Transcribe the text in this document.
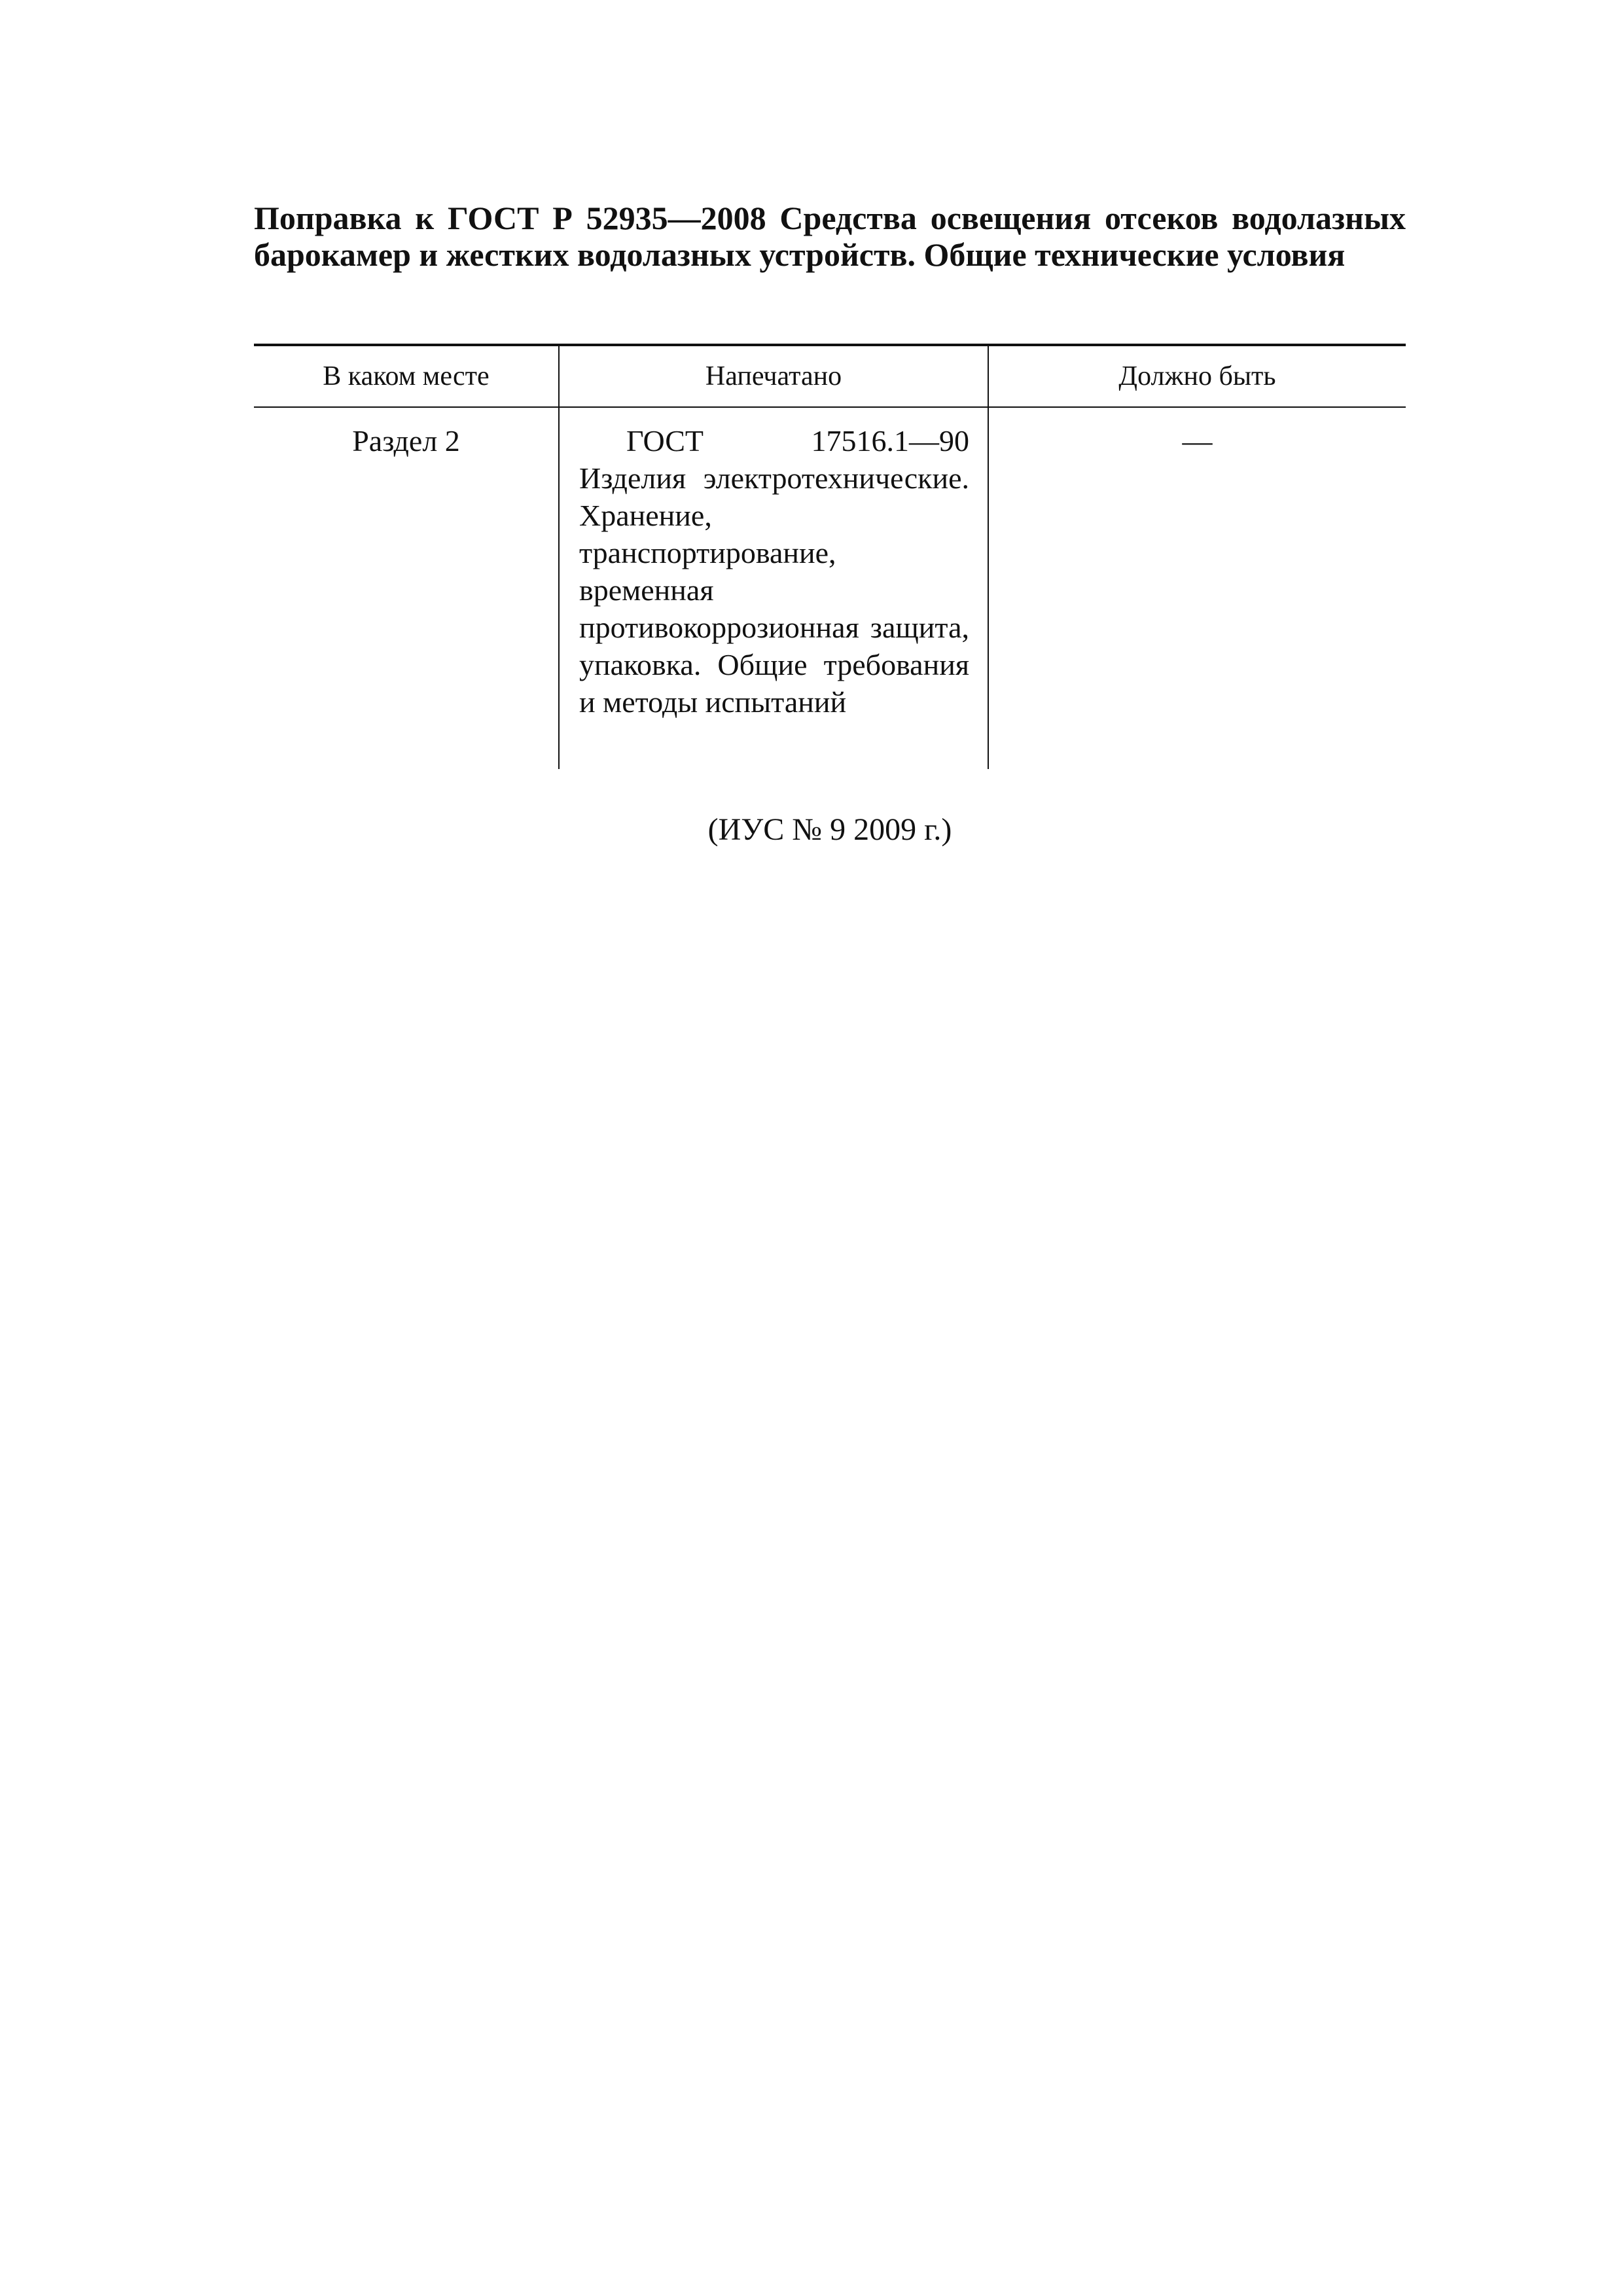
Поправка к ГОСТ Р 52935—2008 Средства освещения отсеков водолазных барокамер и жестких водолазных устройств. Общие технические условия

В каком месте	Напечатано	Должно быть
Раздел 2	ГОСТ 17516.1—90 Изделия электротехнические. Хранение, транспортирование, временная противокоррозионная защита, упаковка. Общие требования и методы испытаний	—

(ИУС № 9 2009 г.)
